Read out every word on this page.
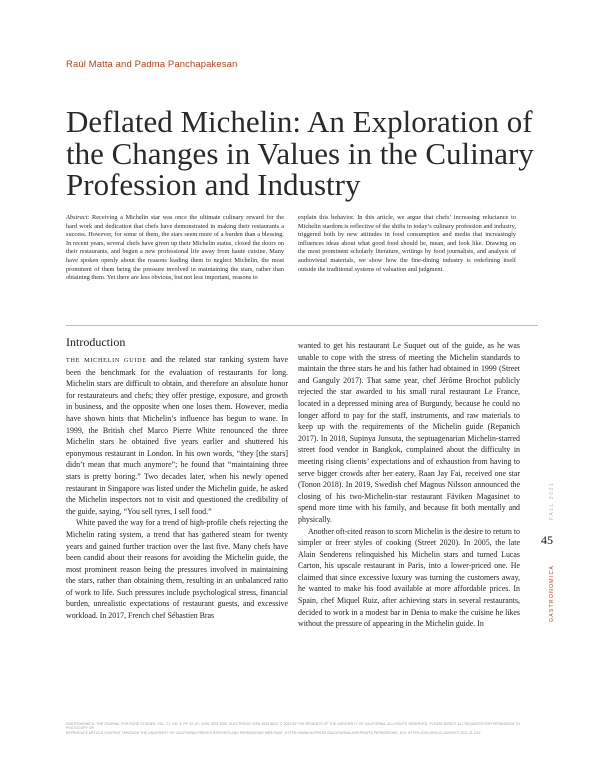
Raúl Matta and Padma Panchapakesan
Deflated Michelin: An Exploration of the Changes in Values in the Culinary Profession and Industry

Abstract: Receiving a Michelin star was once the ultimate culinary reward for the hard work and dedication that chefs have demonstrated in making their restaurants a success. However, for some of them, the stars seem more of a burden than a blessing. In recent years, several chefs have given up their Michelin status, closed the doors on their restaurants, and begun a new professional life away from haute cuisine. Many have spoken openly about the reasons leading them to neglect Michelin, the most prominent of them being the pressure involved in maintaining the stars, rather than obtaining them. Yet there are less obvious, but not less important, reasons to

explain this behavior. In this article, we argue that chefs’ increasing reluctance to Michelin stardom is reflective of the shifts in today’s culinary profession and industry, triggered both by new attitudes in food consumption and media that increasingly influences ideas about what good food should be, mean, and look like. Drawing on the most prominent scholarly literature, writings by food journalists, and analysis of audiovisual materials, we show how the fine-dining industry is redefining itself outside the traditional systems of valuation and judgment.

Introduction

THE MICHELIN GUIDE and the related star ranking system have been the benchmark for the evaluation of restaurants for long. Michelin stars are difficult to obtain, and therefore an absolute honor for restaurateurs and chefs; they offer prestige, exposure, and growth in business, and the opposite when one loses them. However, media have shown hints that Michelin’s influence has begun to wane. In 1999, the British chef Marco Pierre White renounced the three Michelin stars he obtained five years earlier and shuttered his eponymous restaurant in London. In his own words, “they [the stars] didn’t mean that much anymore”; he found that “maintaining three stars is pretty boring.” Two decades later, when his newly opened restaurant in Singapore was listed under the Michelin guide, he asked the Michelin inspectors not to visit and questioned the credibility of the guide, saying, “You sell tyres, I sell food.”

White paved the way for a trend of high-profile chefs rejecting the Michelin rating system, a trend that has gathered steam for twenty years and gained further traction over the last five. Many chefs have been candid about their reasons for avoiding the Michelin guide, the most prominent reason being the pressures involved in maintaining the stars, rather than obtaining them, resulting in an unbalanced ratio of work to life. Such pressures include psychological stress, financial burden, unrealistic expectations of restaurant guests, and excessive workload. In 2017, French chef Sébastien Bras

wanted to get his restaurant Le Suquet out of the guide, as he was unable to cope with the stress of meeting the Michelin standards to maintain the three stars he and his father had obtained in 1999 (Street and Ganguly 2017). That same year, chef Jérôme Brochot publicly rejected the star awarded to his small rural restaurant Le France, located in a depressed mining area of Burgundy, because he could no longer afford to pay for the staff, instruments, and raw materials to keep up with the requirements of the Michelin guide (Repanich 2017). In 2018, Supinya Junsuta, the septuagenarian Michelin-starred street food vendor in Bangkok, complained about the difficulty in meeting rising clients’ expectations and of exhaustion from having to serve bigger crowds after her eatery, Raan Jay Fai, received one star (Tonon 2018). In 2019, Swedish chef Magnus Nilsson announced the closing of his two-Michelin-star restaurant Fäviken Magasinet to spend more time with his family, and because fit both mentally and physically.

Another oft-cited reason to scorn Michelin is the desire to return to simpler or freer styles of cooking (Street 2020). In 2005, the late Alain Senderens relinquished his Michelin stars and turned Lucas Carton, his upscale restaurant in Paris, into a lower-priced one. He claimed that since excessive luxury was turning the customers away, he wanted to make his food available at more affordable prices. In Spain, chef Miquel Ruiz, after achieving stars in several restaurants, decided to work in a modest bar in Denia to make the cuisine he likes without the pressure of appearing in the Michelin guide. In

45
FALL 2021
GASTRONOMICA

GASTRONOMICA: THE JOURNAL FOR FOOD STUDIES, VOL. 21, NO. 3, PP. 57–67, ISSN 1529-3262, ELECTRONIC ISSN 1533-8622. © 2021 BY THE REGENTS OF THE UNIVERSITY OF CALIFORNIA. ALL RIGHTS RESERVED. PLEASE DIRECT ALL REQUESTS FOR PERMISSION TO PHOTOCOPY OR

REPRODUCE ARTICLE CONTENT THROUGH THE UNIVERSITY OF CALIFORNIA PRESS’S REPRINTS AND PERMISSIONS WEB PAGE, HTTPS://WWW.UCPRESS.EDU/JOURNALS/REPRINTS-PERMISSIONS. DOI: HTTPS://DOI.ORG/10.1525/GFC.2021.21.3.57
